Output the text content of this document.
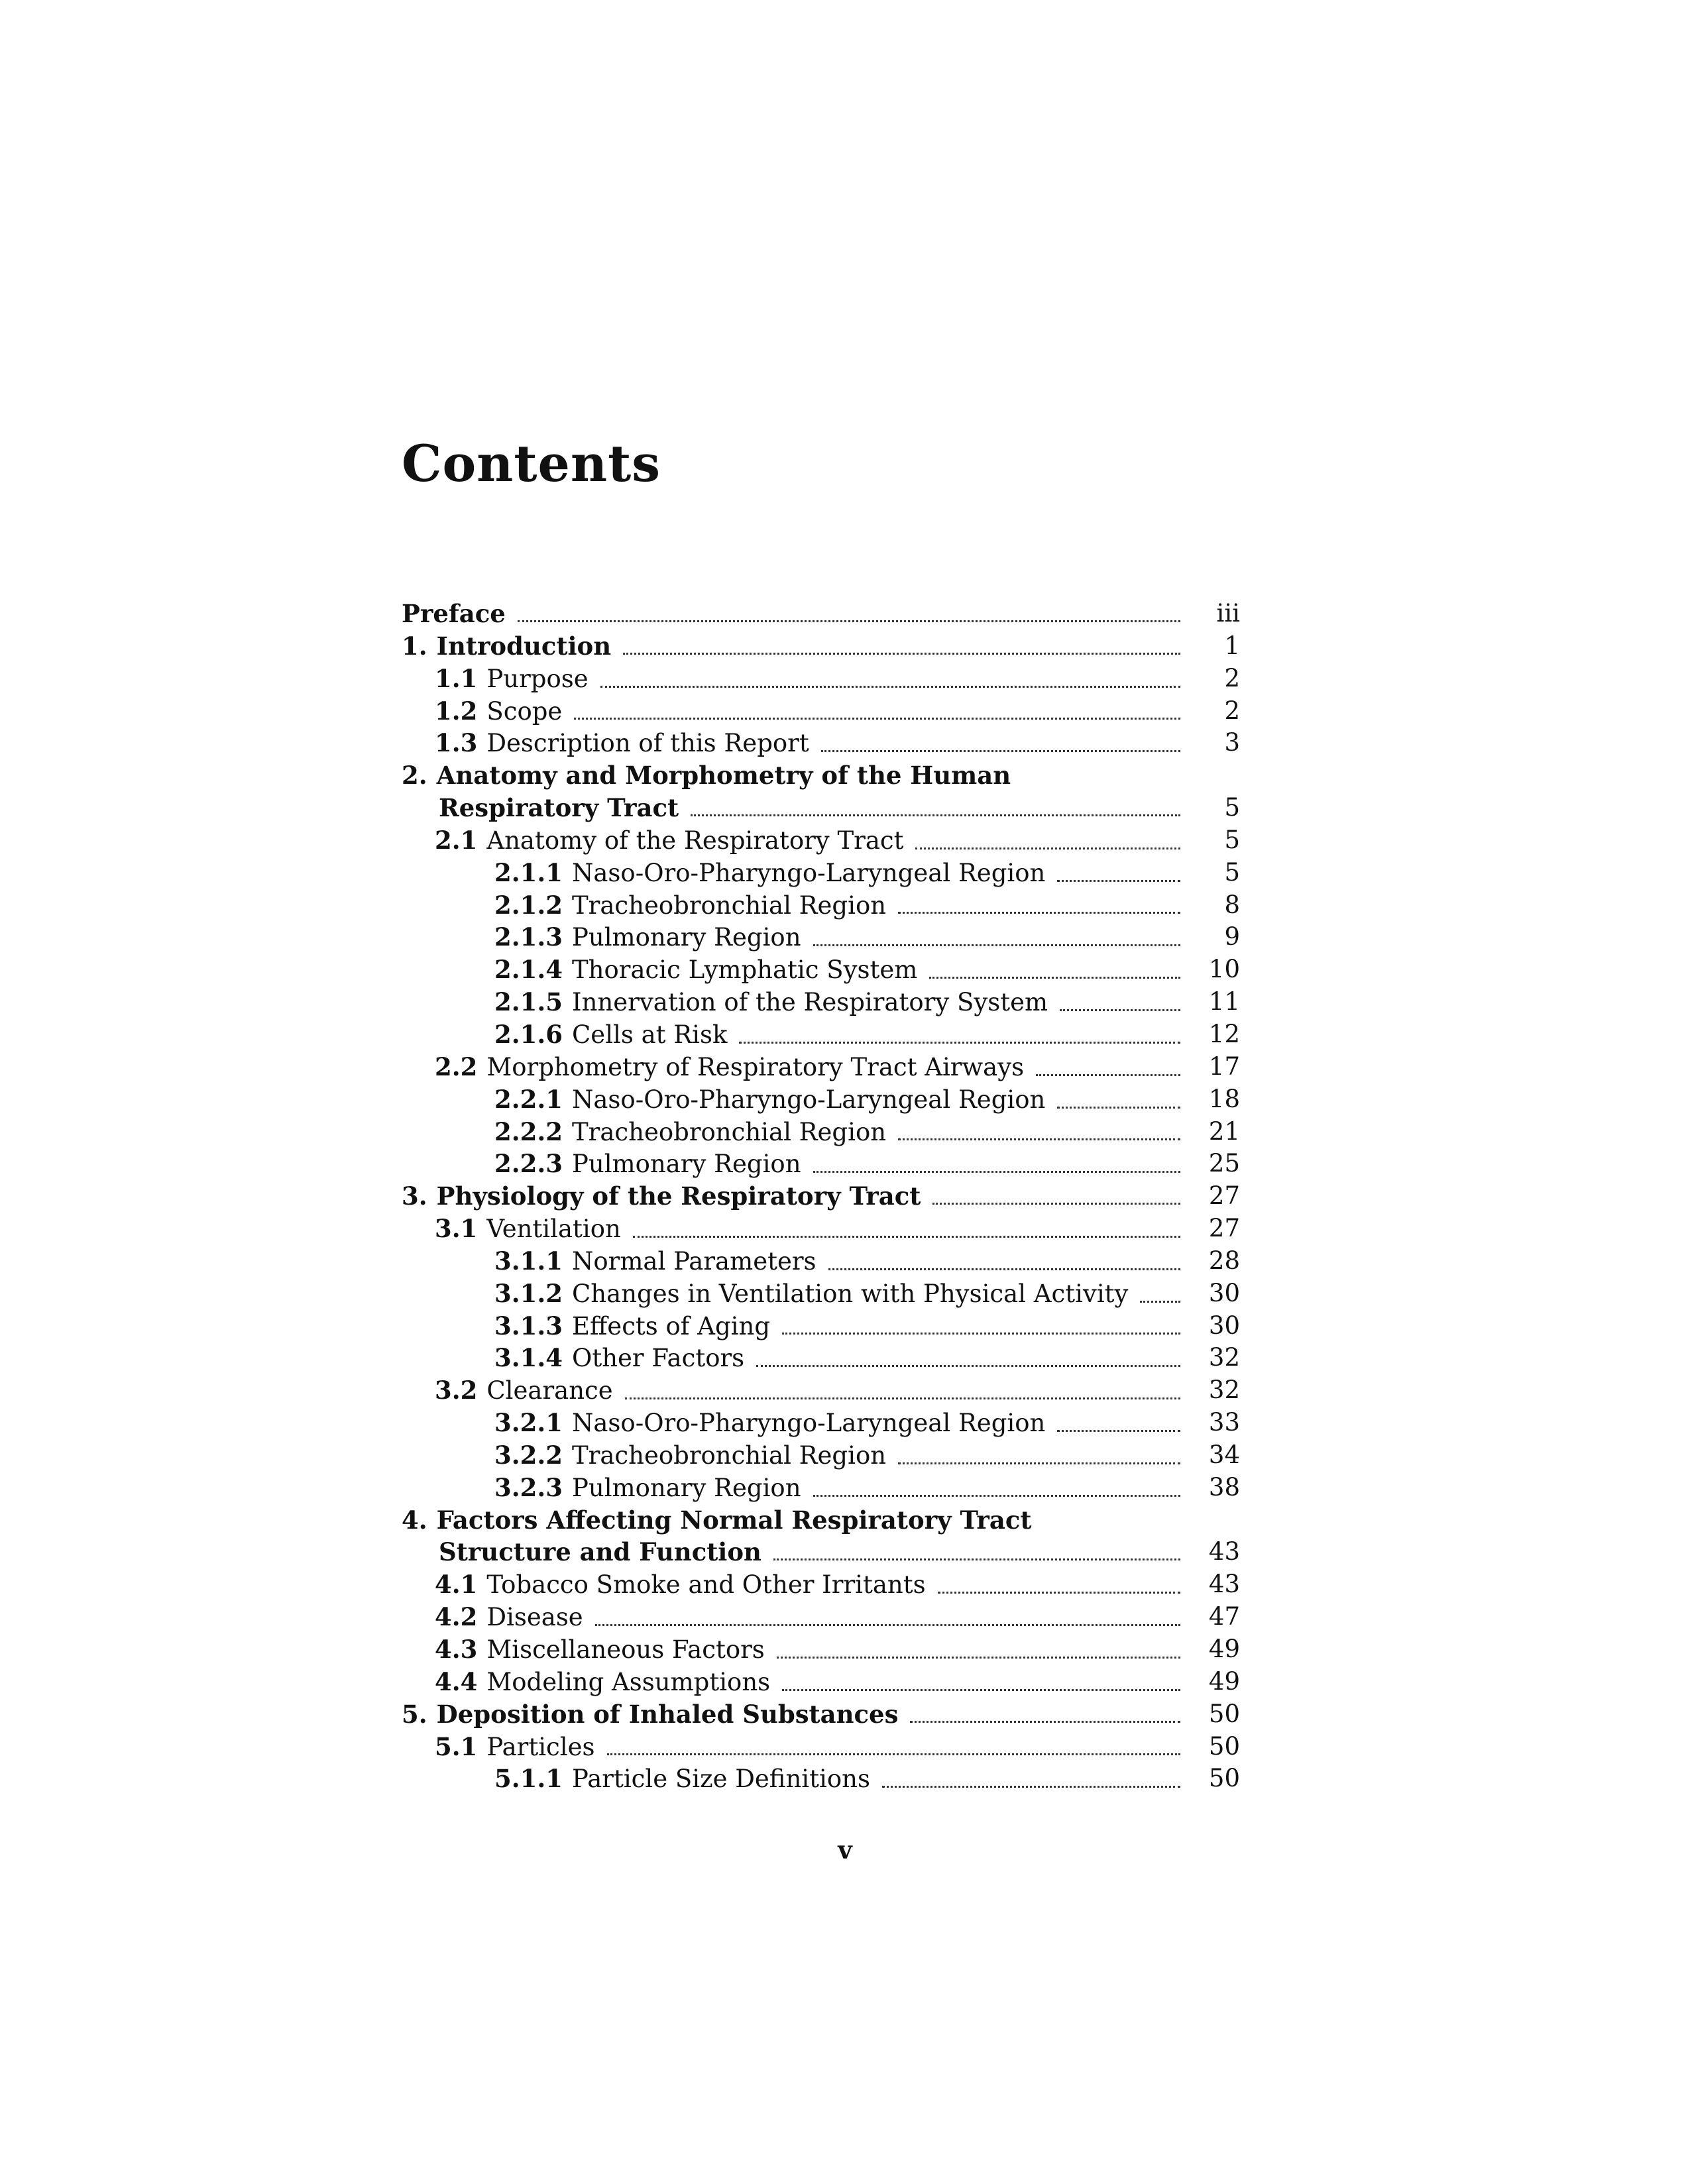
Contents
Preface	iii
1. Introduction	1
1.1 Purpose	2
1.2 Scope	2
1.3 Description of this Report	3
2. Anatomy and Morphometry of the Human
Respiratory Tract	5
2.1 Anatomy of the Respiratory Tract	5
2.1.1 Naso-Oro-Pharyngo-Laryngeal Region	5
2.1.2 Tracheobronchial Region	8
2.1.3 Pulmonary Region	9
2.1.4 Thoracic Lymphatic System	10
2.1.5 Innervation of the Respiratory System	11
2.1.6 Cells at Risk	12
2.2 Morphometry of Respiratory Tract Airways	17
2.2.1 Naso-Oro-Pharyngo-Laryngeal Region	18
2.2.2 Tracheobronchial Region	21
2.2.3 Pulmonary Region	25
3. Physiology of the Respiratory Tract	27
3.1 Ventilation	27
3.1.1 Normal Parameters	28
3.1.2 Changes in Ventilation with Physical Activity	30
3.1.3 Effects of Aging	30
3.1.4 Other Factors	32
3.2 Clearance	32
3.2.1 Naso-Oro-Pharyngo-Laryngeal Region	33
3.2.2 Tracheobronchial Region	34
3.2.3 Pulmonary Region	38
4. Factors Affecting Normal Respiratory Tract
Structure and Function	43
4.1 Tobacco Smoke and Other Irritants	43
4.2 Disease	47
4.3 Miscellaneous Factors	49
4.4 Modeling Assumptions	49
5. Deposition of Inhaled Substances	50
5.1 Particles	50
5.1.1 Particle Size Definitions	50
v
